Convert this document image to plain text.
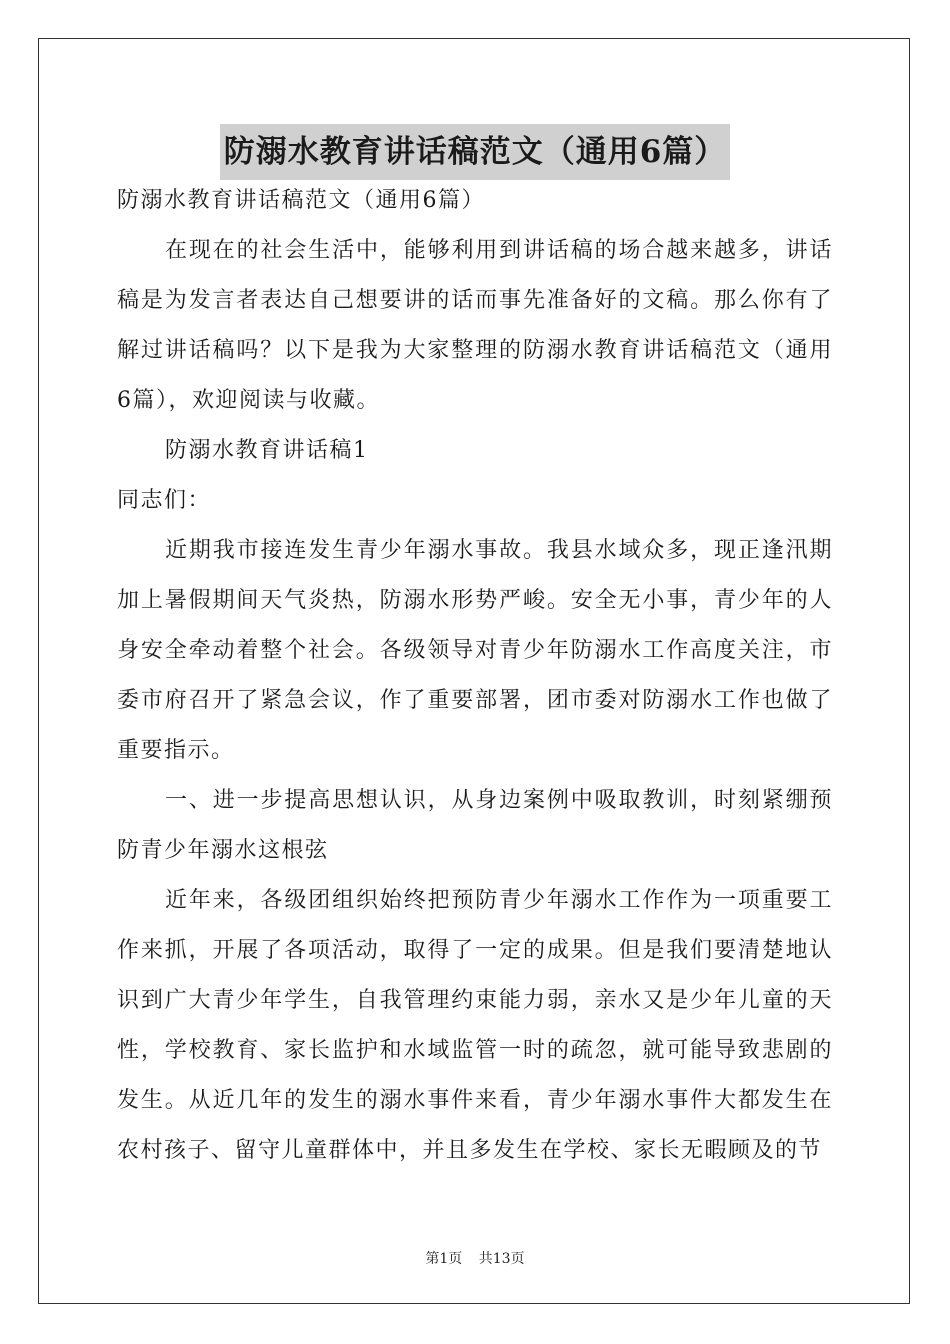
防溺水教育讲话稿范文（通用6篇）

防溺水教育讲话稿范文（通用6篇）

在现在的社会生活中，能够利用到讲话稿的场合越来越多，讲话稿是为发言者表达自己想要讲的话而事先准备好的文稿。那么你有了解过讲话稿吗？以下是我为大家整理的防溺水教育讲话稿范文（通用6篇），欢迎阅读与收藏。

防溺水教育讲话稿1

同志们：

近期我市接连发生青少年溺水事故。我县水域众多，现正逢汛期加上暑假期间天气炎热，防溺水形势严峻。安全无小事，青少年的人身安全牵动着整个社会。各级领导对青少年防溺水工作高度关注，市委市府召开了紧急会议，作了重要部署，团市委对防溺水工作也做了重要指示。

一、进一步提高思想认识，从身边案例中吸取教训，时刻紧绷预防青少年溺水这根弦

近年来，各级团组织始终把预防青少年溺水工作作为一项重要工作来抓，开展了各项活动，取得了一定的成果。但是我们要清楚地认识到广大青少年学生，自我管理约束能力弱，亲水又是少年儿童的天性，学校教育、家长监护和水域监管一时的疏忽，就可能导致悲剧的发生。从近几年的发生的溺水事件来看，青少年溺水事件大都发生在农村孩子、留守儿童群体中，并且多发生在学校、家长无暇顾及的节

第1页 共13页
